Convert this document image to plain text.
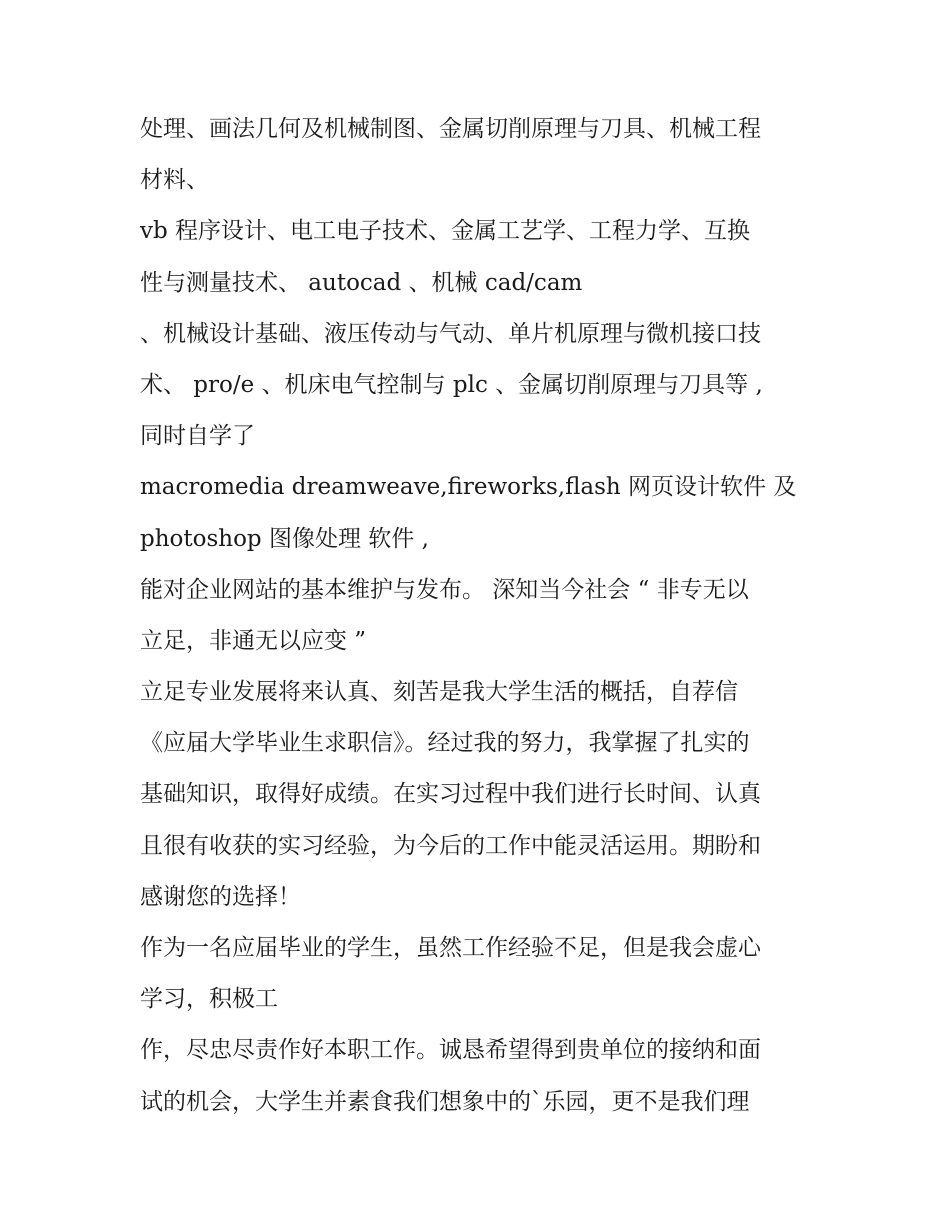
处理、画法几何及机械制图、金属切削原理与刀具、机械工程
材料、
vb 程序设计、电工电子技术、金属工艺学、工程力学、互换
性与测量技术、 autocad 、机械 cad/cam
、机械设计基础、液压传动与气动、单片机原理与微机接口技
术、 pro/e 、机床电气控制与 plc 、金属切削原理与刀具等 ,
同时自学了
macromedia dreamweave,fireworks,flash 网页设计软件 及
photoshop 图像处理 软件 ,
能对企业网站的基本维护与发布。 深知当今社会 “ 非专无以
立足，非通无以应变 ”
立足专业发展将来认真、刻苦是我大学生活的概括，自荐信
《应届大学毕业生求职信》。经过我的努力，我掌握了扎实的
基础知识，取得好成绩。在实习过程中我们进行长时间、认真
且很有收获的实习经验，为今后的工作中能灵活运用。期盼和
感谢您的选择！
作为一名应届毕业的学生，虽然工作经验不足，但是我会虚心
学习，积极工
作，尽忠尽责作好本职工作。诚恳希望得到贵单位的接纳和面
试的机会，大学生并素食我们想象中的`乐园，更不是我们理
